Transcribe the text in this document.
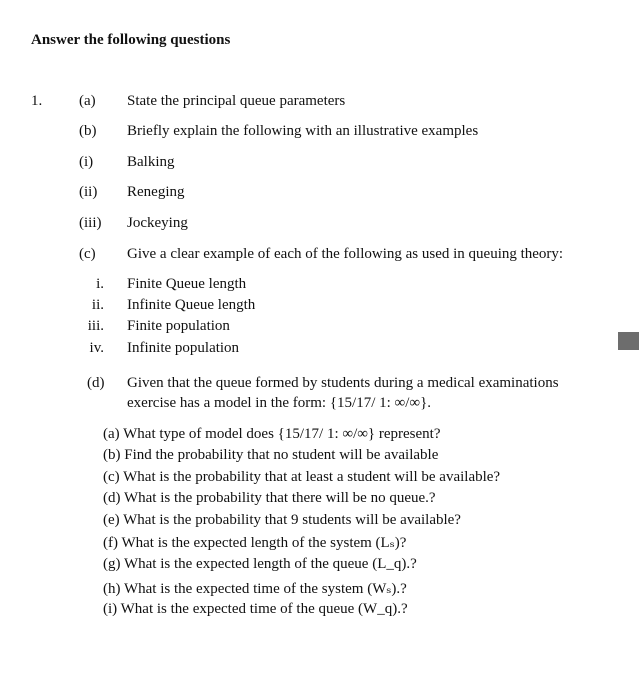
Answer the following questions
1. (a) State the principal queue parameters
(b) Briefly explain the following with an illustrative examples
(i) Balking
(ii) Reneging
(iii) Jockeying
(c) Give a clear example of each of the following as used in queuing theory:
i. Finite Queue length
ii. Infinite Queue length
iii. Finite population
iv. Infinite population
(d) Given that the queue formed by students during a medical examinations
exercise has a model in the form: {15/17/ 1: ∞/∞}.
(a) What type of model does {15/17/ 1: ∞/∞} represent?
(b) Find the probability that no student will be available
(c) What is the probability that at least a student will be available?
(d) What is the probability that there will be no queue.?
(e) What is the probability that 9 students will be available?
(f) What is the expected length of the system (Lₛ)?
(g) What is the expected length of the queue (L_q).?
(h) What is the expected time of the system (Wₛ).?
(i) What is the expected time of the queue (W_q).?
